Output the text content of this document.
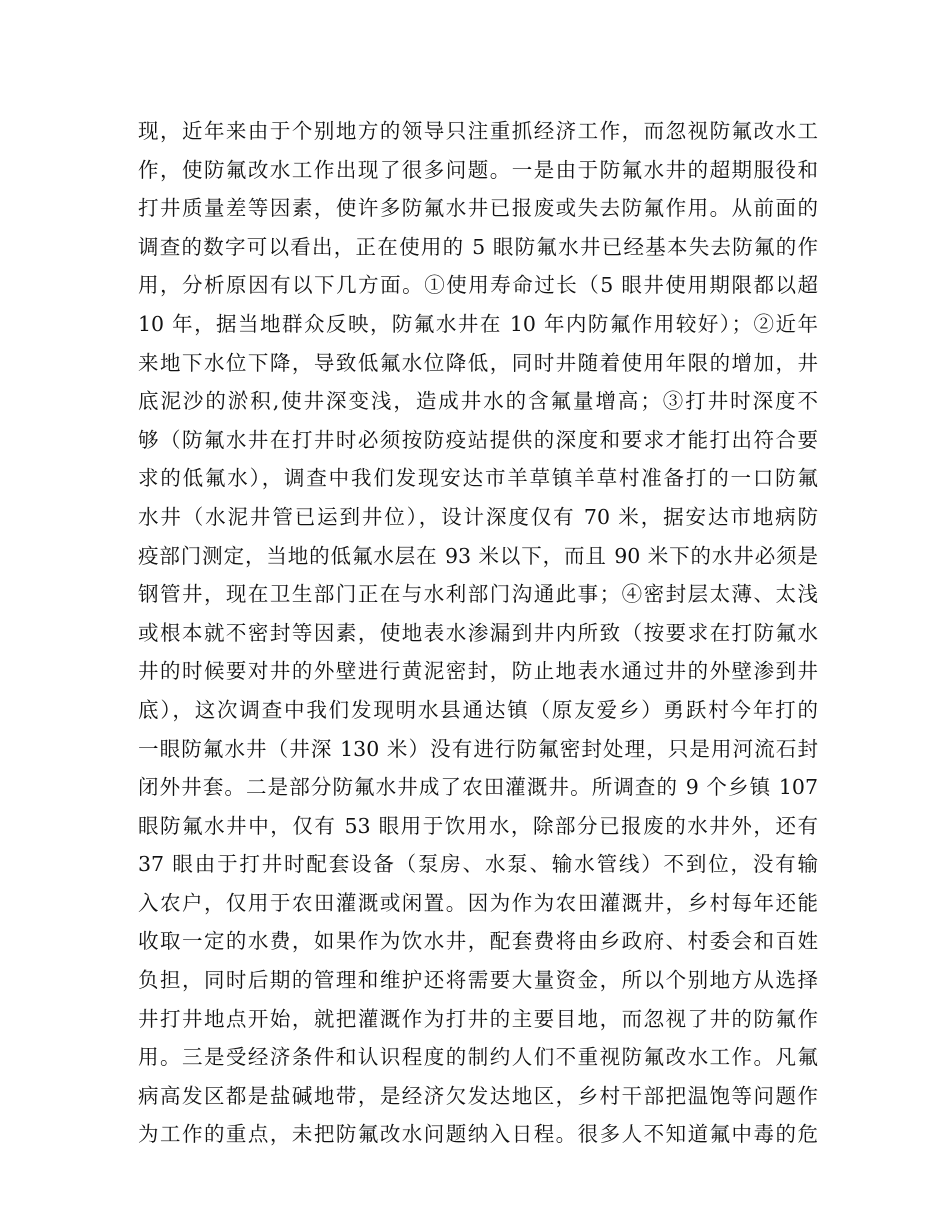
现，近年来由于个别地方的领导只注重抓经济工作，而忽视防氟改水工
作，使防氟改水工作出现了很多问题。一是由于防氟水井的超期服役和
打井质量差等因素，使许多防氟水井已报废或失去防氟作用。从前面的
调查的数字可以看出，正在使用的 5 眼防氟水井已经基本失去防氟的作
用，分析原因有以下几方面。①使用寿命过长（5 眼井使用期限都以超
10 年，据当地群众反映，防氟水井在 10 年内防氟作用较好）；②近年
来地下水位下降，导致低氟水位降低，同时井随着使用年限的增加，井
底泥沙的淤积,使井深变浅，造成井水的含氟量增高；③打井时深度不
够（防氟水井在打井时必须按防疫站提供的深度和要求才能打出符合要
求的低氟水），调查中我们发现安达市羊草镇羊草村准备打的一口防氟
水井（水泥井管已运到井位），设计深度仅有 70 米，据安达市地病防
疫部门测定，当地的低氟水层在 93 米以下，而且 90 米下的水井必须是
钢管井，现在卫生部门正在与水利部门沟通此事；④密封层太薄、太浅
或根本就不密封等因素，使地表水渗漏到井内所致（按要求在打防氟水
井的时候要对井的外壁进行黄泥密封，防止地表水通过井的外壁渗到井
底），这次调查中我们发现明水县通达镇（原友爱乡）勇跃村今年打的
一眼防氟水井（井深 130 米）没有进行防氟密封处理，只是用河流石封
闭外井套。二是部分防氟水井成了农田灌溉井。所调查的 9 个乡镇 107
眼防氟水井中，仅有 53 眼用于饮用水，除部分已报废的水井外，还有
37 眼由于打井时配套设备（泵房、水泵、输水管线）不到位，没有输
入农户，仅用于农田灌溉或闲置。因为作为农田灌溉井，乡村每年还能
收取一定的水费，如果作为饮水井，配套费将由乡政府、村委会和百姓
负担，同时后期的管理和维护还将需要大量资金，所以个别地方从选择
井打井地点开始，就把灌溉作为打井的主要目地，而忽视了井的防氟作
用。三是受经济条件和认识程度的制约人们不重视防氟改水工作。凡氟
病高发区都是盐碱地带，是经济欠发达地区，乡村干部把温饱等问题作
为工作的重点，未把防氟改水问题纳入日程。很多人不知道氟中毒的危
